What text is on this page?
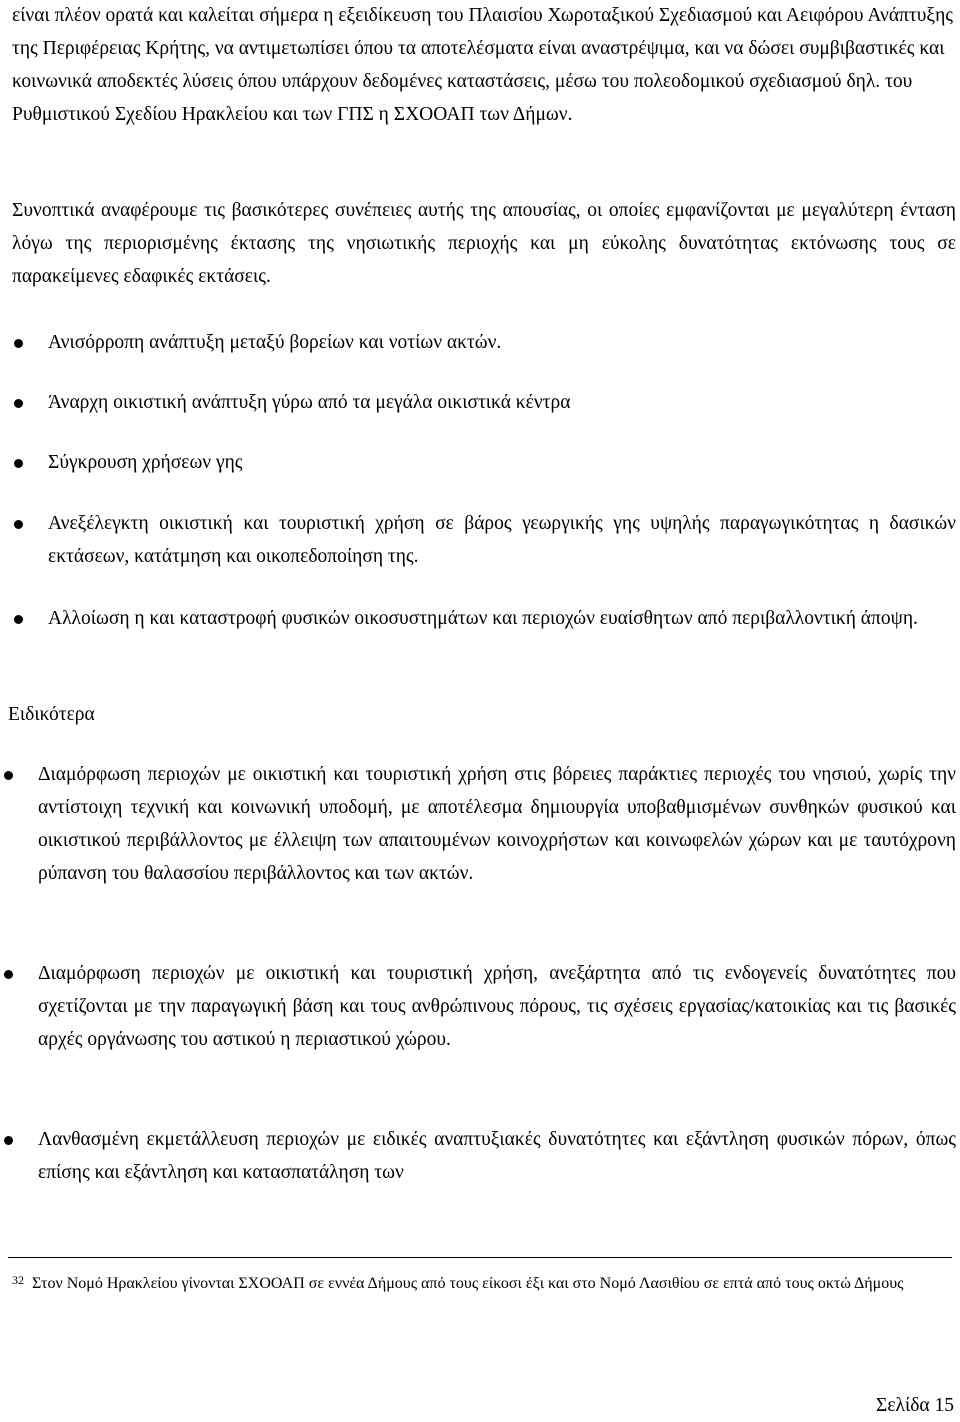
είναι πλέον ορατά και καλείται σήμερα η εξειδίκευση του Πλαισίου Χωροταξικού Σχεδιασμού και Αειφόρου Ανάπτυξης της Περιφέρειας Κρήτης, να αντιμετωπίσει όπου τα αποτελέσματα είναι αναστρέψιμα, και να δώσει συμβιβαστικές και κοινωνικά αποδεκτές λύσεις όπου υπάρχουν δεδομένες καταστάσεις, μέσω του πολεοδομικού σχεδιασμού δηλ. του Ρυθμιστικού Σχεδίου Ηρακλείου και των ΓΠΣ η ΣΧΟΟΑΠ των Δήμων.

Συνοπτικά αναφέρουμε τις βασικότερες συνέπειες αυτής της απουσίας, οι οποίες εμφανίζονται με μεγαλύτερη ένταση λόγω της περιορισμένης έκτασης της νησιωτικής περιοχής και μη εύκολης δυνατότητας εκτόνωσης τους σε παρακείμενες εδαφικές εκτάσεις.

Ανισόρροπη ανάπτυξη μεταξύ βορείων και νοτίων ακτών.

Άναρχη οικιστική ανάπτυξη γύρω από τα μεγάλα οικιστικά κέντρα

Σύγκρουση χρήσεων γης

Ανεξέλεγκτη οικιστική και τουριστική χρήση σε βάρος γεωργικής γης υψηλής παραγωγικότητας η δασικών εκτάσεων, κατάτμηση και οικοπεδοποίηση της.

Αλλοίωση η και καταστροφή φυσικών οικοσυστημάτων και περιοχών ευαίσθητων από περιβαλλοντική άποψη.

Ειδικότερα

Διαμόρφωση περιοχών με οικιστική και τουριστική χρήση στις βόρειες παράκτιες περιοχές του νησιού, χωρίς την αντίστοιχη τεχνική και κοινωνική υποδομή, με αποτέλεσμα δημιουργία υποβαθμισμένων συνθηκών φυσικού και οικιστικού περιβάλλοντος με έλλειψη των απαιτουμένων κοινοχρήστων και κοινωφελών χώρων και με ταυτόχρονη ρύπανση του θαλασσίου περιβάλλοντος και των ακτών.

Διαμόρφωση περιοχών με οικιστική και τουριστική χρήση, ανεξάρτητα από τις ενδογενείς δυνατότητες που σχετίζονται με την παραγωγική βάση και τους ανθρώπινους πόρους, τις σχέσεις εργασίας/κατοικίας και τις βασικές αρχές οργάνωσης του αστικού η περιαστικού χώρου.

Λανθασμένη εκμετάλλευση περιοχών με ειδικές αναπτυξιακές δυνατότητες και εξάντληση φυσικών πόρων, όπως επίσης και εξάντληση και κατασπατάληση των

$^{32}$ Στον Νομό Ηρακλείου γίνονται ΣΧΟΟΑΠ σε εννέα Δήμους από τους είκοσι έξι και στο Νομό Λασιθίου σε επτά από τους οκτώ Δήμους

Σελίδα 15
